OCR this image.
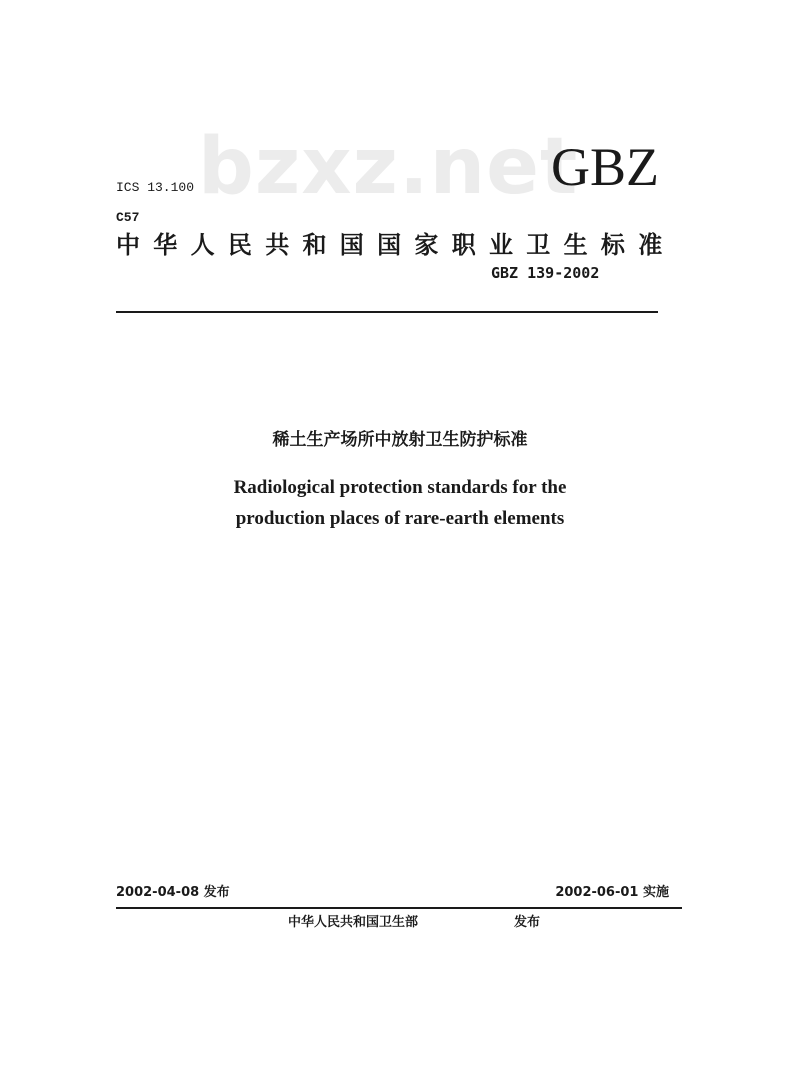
bzxz.net
GBZ
ICS 13.100
C57
中华人民共和国国家职业卫生标准
GBZ 139-2002
稀土生产场所中放射卫生防护标准
Radiological protection standards for the
production places of rare-earth elements
2002-04-08 发布	2002-06-01 实施
中华人民共和国卫生部	发布
